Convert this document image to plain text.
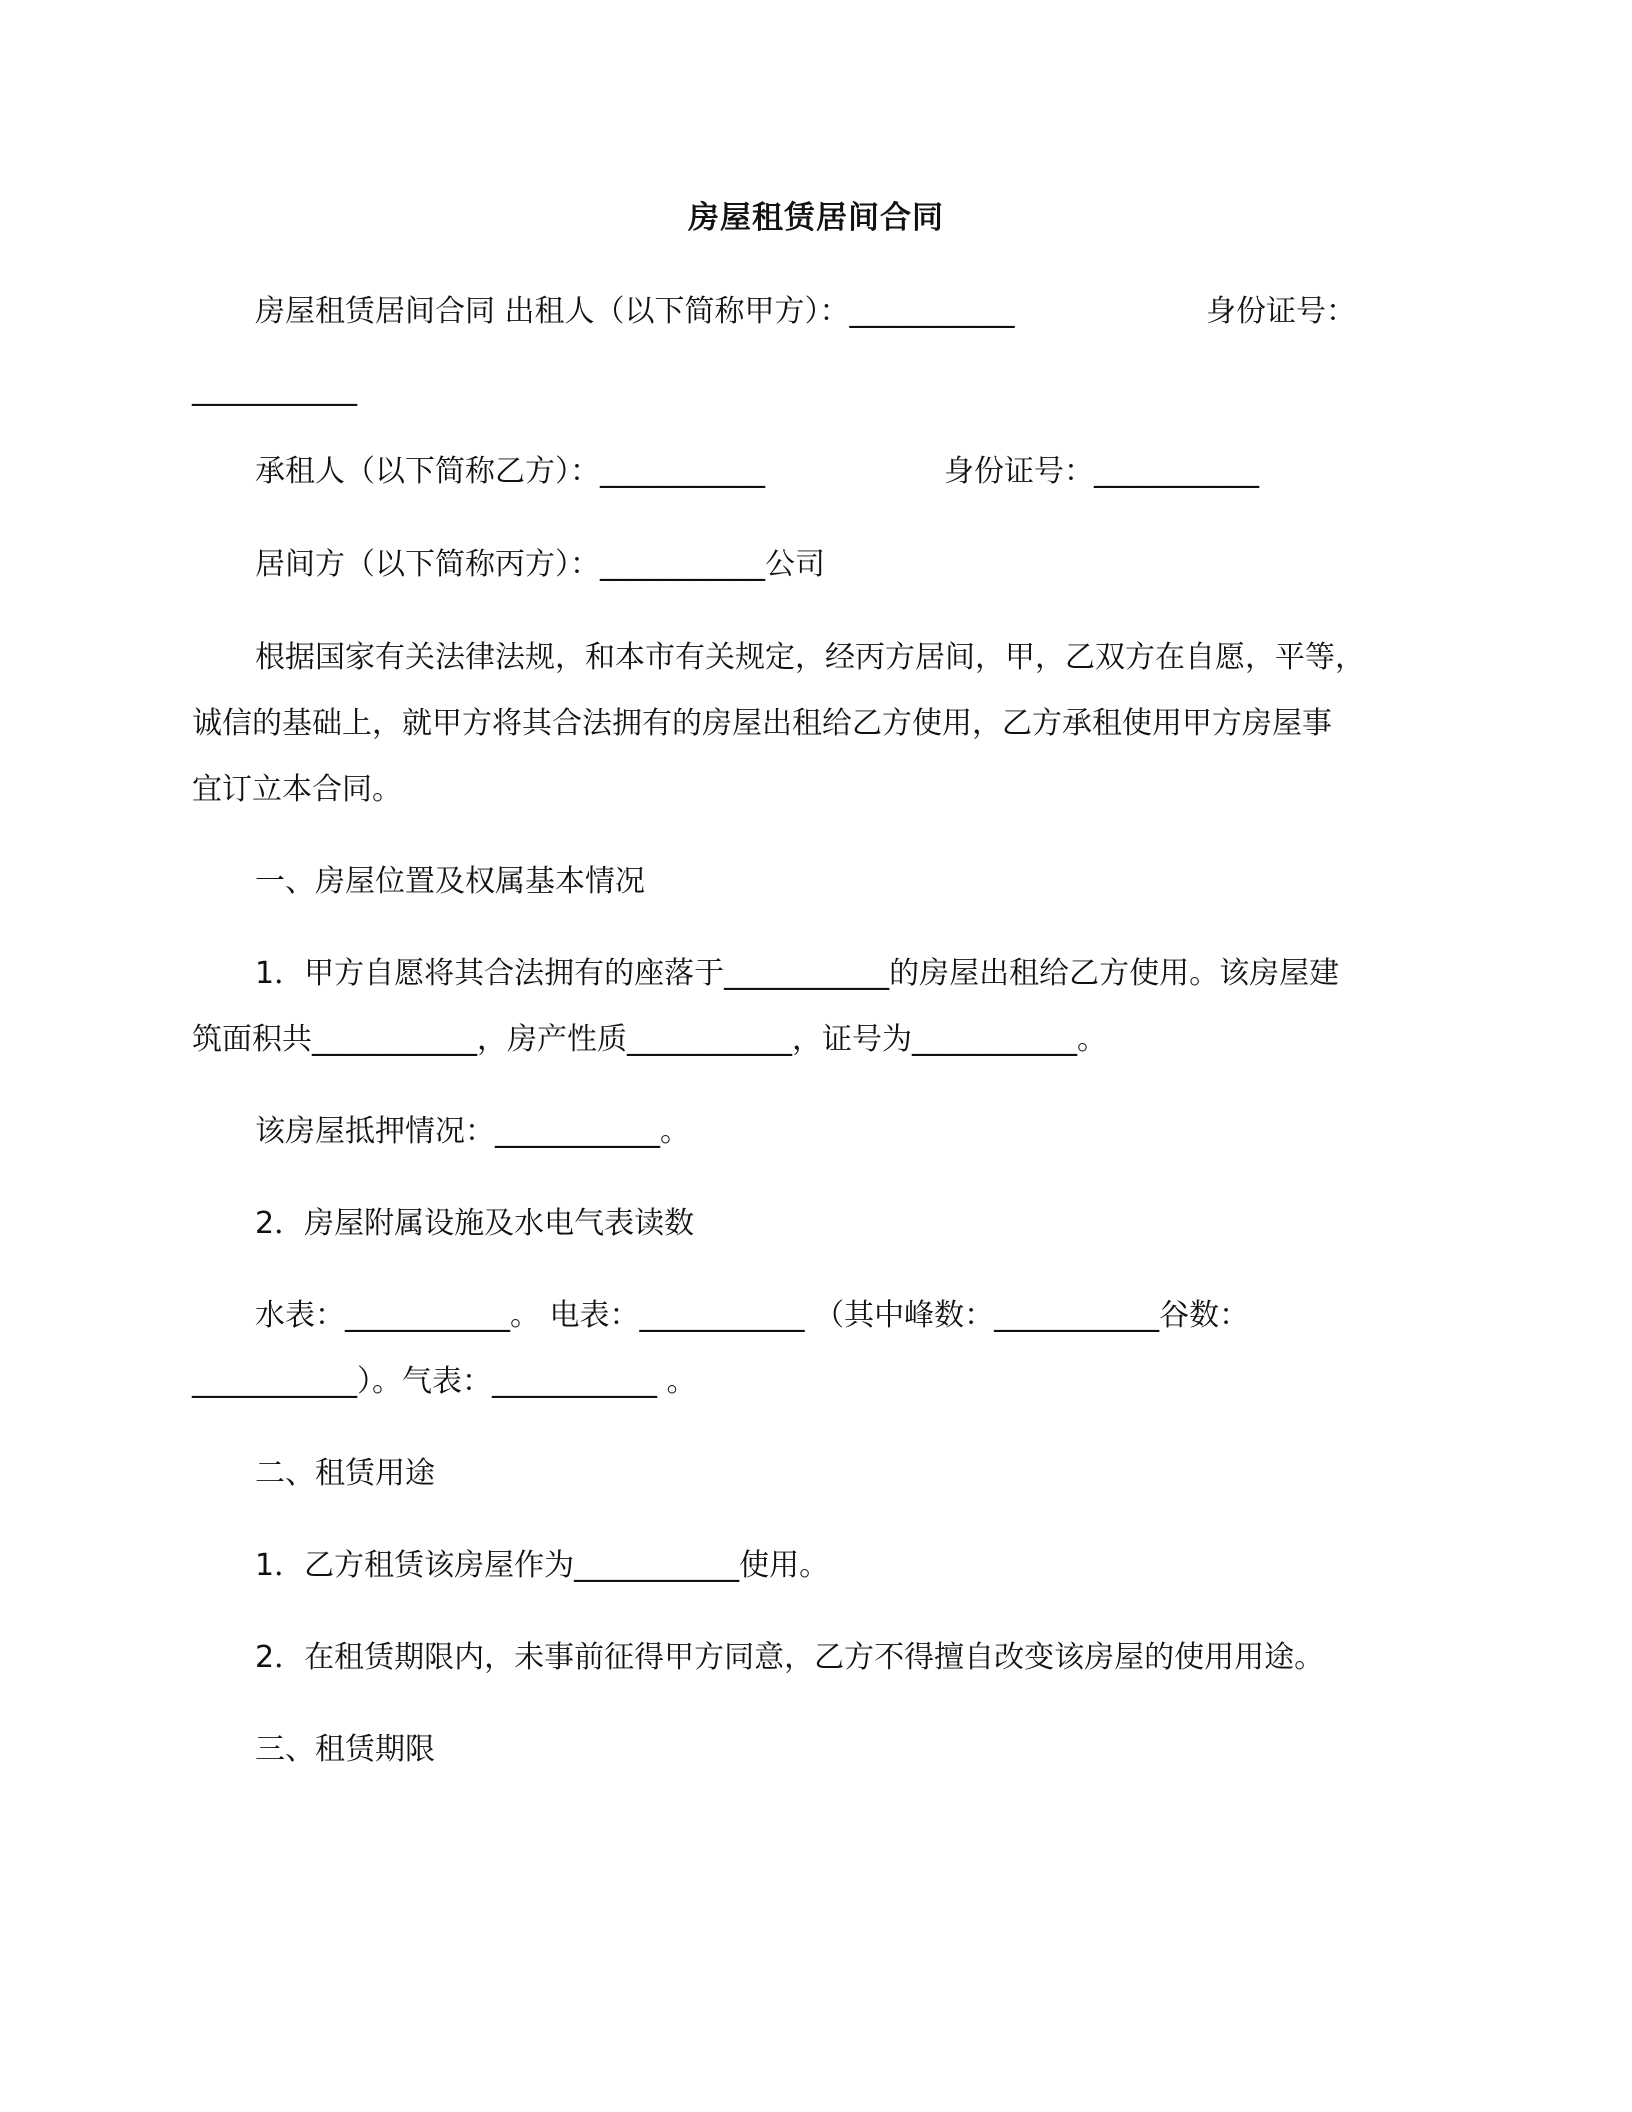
房屋租赁居间合同
房屋租赁居间合同 出租人（以下简称甲方）：___________	身份证号：
___________
承租人（以下简称乙方）：___________	身份证号：___________
居间方（以下简称丙方）：___________公司
根据国家有关法律法规，和本市有关规定，经丙方居间，甲，乙双方在自愿，平等，
诚信的基础上，就甲方将其合法拥有的房屋出租给乙方使用，乙方承租使用甲方房屋事
宜订立本合同。
一、房屋位置及权属基本情况
1．甲方自愿将其合法拥有的座落于___________的房屋出租给乙方使用。该房屋建
筑面积共___________，房产性质___________，证号为___________。
该房屋抵押情况：___________。
2．房屋附属设施及水电气表读数
水表：___________。 电表：___________ （其中峰数：___________谷数：
___________）。气表：___________ 。
二、租赁用途
1．乙方租赁该房屋作为___________使用。
2．在租赁期限内，未事前征得甲方同意，乙方不得擅自改变该房屋的使用用途。
三、租赁期限
